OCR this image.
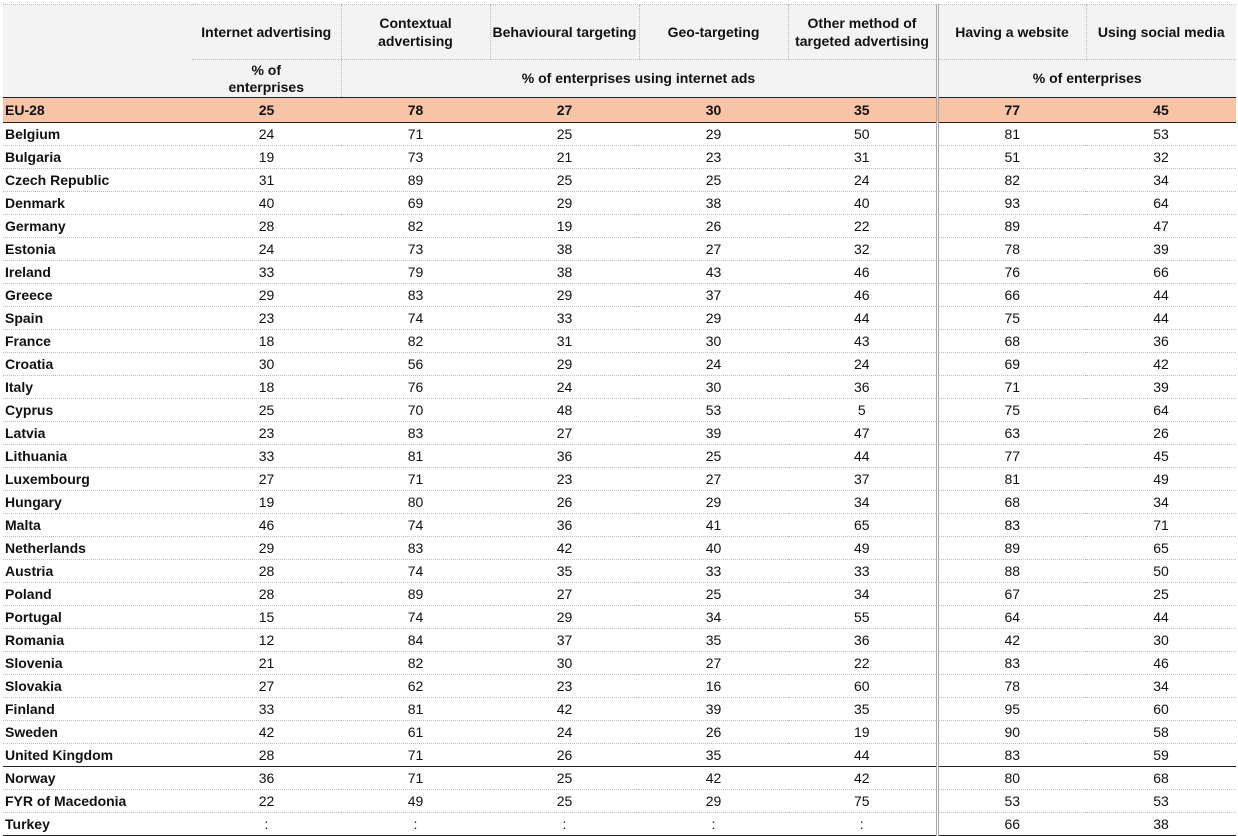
	Internet advertising	Contextual advertising	Behavioural targeting	Geo-targeting	Other method of targeted advertising	Having a website	Using social media
	% of enterprises	% of enterprises using internet ads				% of enterprises	
EU-28	25	78	27	30	35	77	45
Belgium	24	71	25	29	50	81	53
Bulgaria	19	73	21	23	31	51	32
Czech Republic	31	89	25	25	24	82	34
Denmark	40	69	29	38	40	93	64
Germany	28	82	19	26	22	89	47
Estonia	24	73	38	27	32	78	39
Ireland	33	79	38	43	46	76	66
Greece	29	83	29	37	46	66	44
Spain	23	74	33	29	44	75	44
France	18	82	31	30	43	68	36
Croatia	30	56	29	24	24	69	42
Italy	18	76	24	30	36	71	39
Cyprus	25	70	48	53	5	75	64
Latvia	23	83	27	39	47	63	26
Lithuania	33	81	36	25	44	77	45
Luxembourg	27	71	23	27	37	81	49
Hungary	19	80	26	29	34	68	34
Malta	46	74	36	41	65	83	71
Netherlands	29	83	42	40	49	89	65
Austria	28	74	35	33	33	88	50
Poland	28	89	27	25	34	67	25
Portugal	15	74	29	34	55	64	44
Romania	12	84	37	35	36	42	30
Slovenia	21	82	30	27	22	83	46
Slovakia	27	62	23	16	60	78	34
Finland	33	81	42	39	35	95	60
Sweden	42	61	24	26	19	90	58
United Kingdom	28	71	26	35	44	83	59
Norway	36	71	25	42	42	80	68
FYR of Macedonia	22	49	25	29	75	53	53
Turkey	:	:	:	:	:	66	38
